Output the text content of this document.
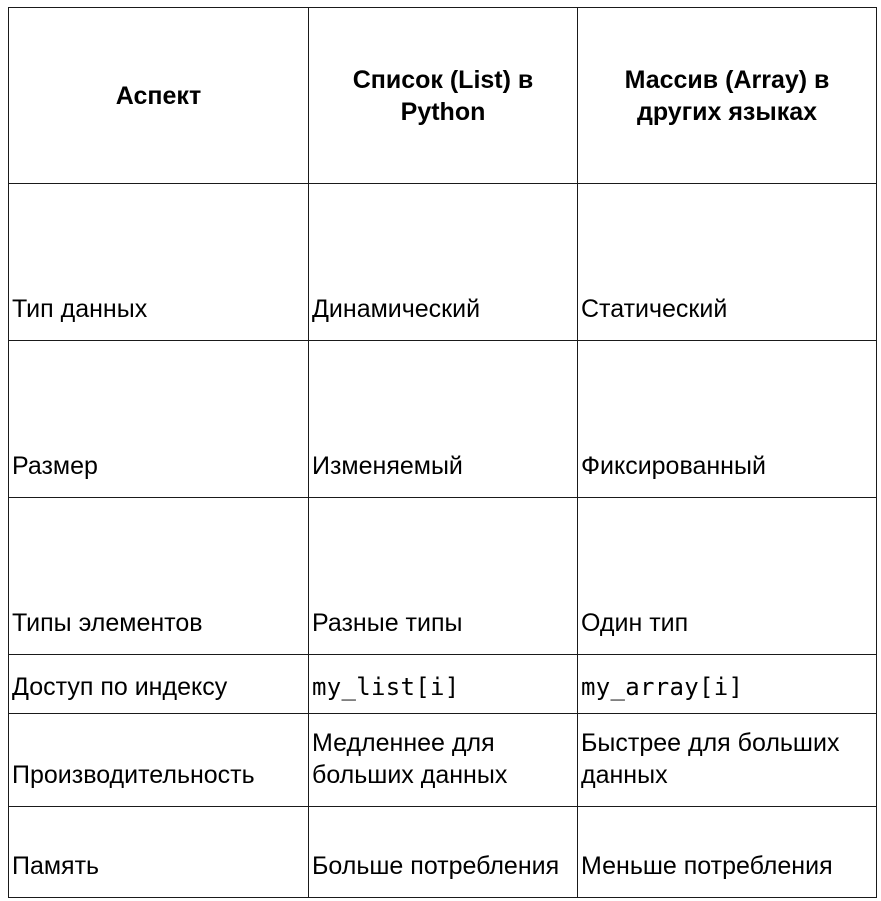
Аспект	Список (List) в Python	Массив (Array) в других языках

Тип данных	Динамический	Статический

Размер	Изменяемый	Фиксированный

Типы элементов	Разные типы	Один тип

Доступ по индексу	my_list[i]	my_array[i]

Производительность	Медленнее для больших данных	Быстрее для больших данных

Память	Больше потребления	Меньше потребления
